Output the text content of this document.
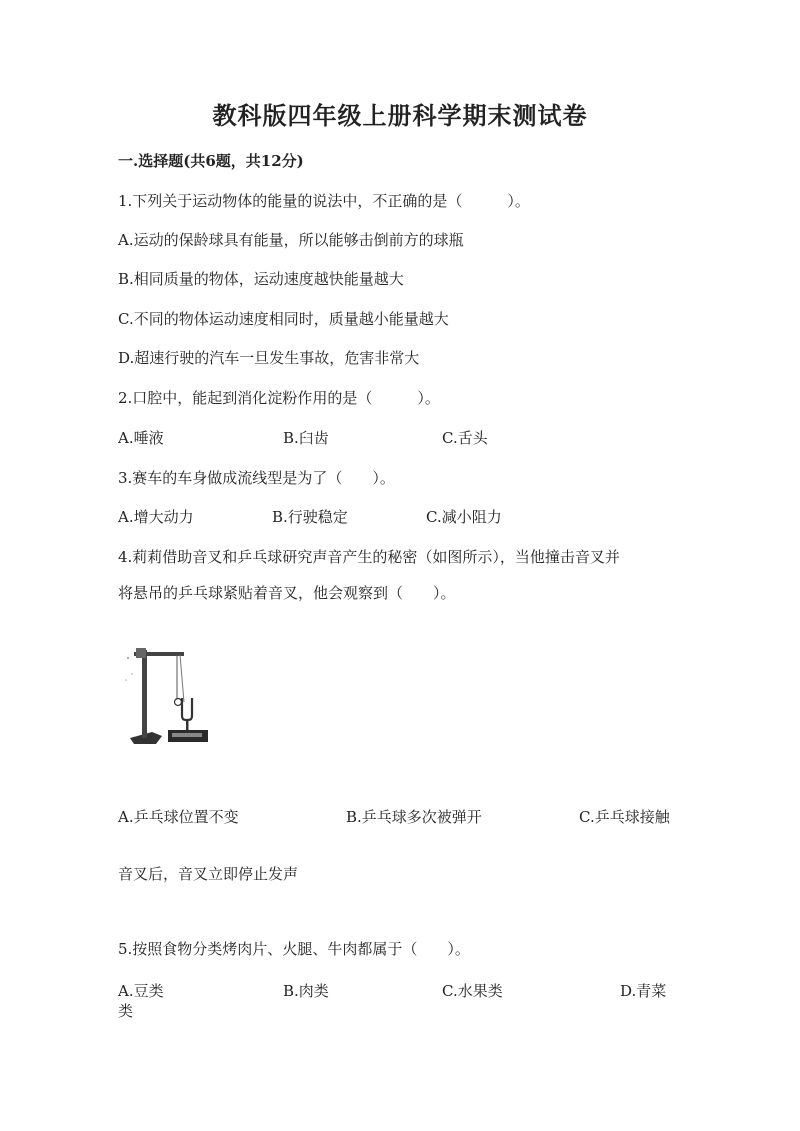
教科版四年级上册科学期末测试卷
一.选择题(共6题，共12分)
1.下列关于运动物体的能量的说法中，不正确的是（　　　）。
A.运动的保龄球具有能量，所以能够击倒前方的球瓶
B.相同质量的物体，运动速度越快能量越大
C.不同的物体运动速度相同时，质量越小能量越大
D.超速行驶的汽车一旦发生事故，危害非常大
2.口腔中，能起到消化淀粉作用的是（　　　）。
A.唾液	B.臼齿	C.舌头
3.赛车的车身做成流线型是为了（　　）。
A.增大动力	B.行驶稳定	C.减小阻力
4.莉莉借助音叉和乒乓球研究声音产生的秘密（如图所示），当他撞击音叉并
将悬吊的乒乓球紧贴着音叉，他会观察到（　　）。
A.乒乓球位置不变	B.乒乓球多次被弹开	C.乒乓球接触
音叉后，音叉立即停止发声
5.按照食物分类烤肉片、火腿、牛肉都属于（　　）。
A.豆类	B.肉类	C.水果类	D.青菜
类
